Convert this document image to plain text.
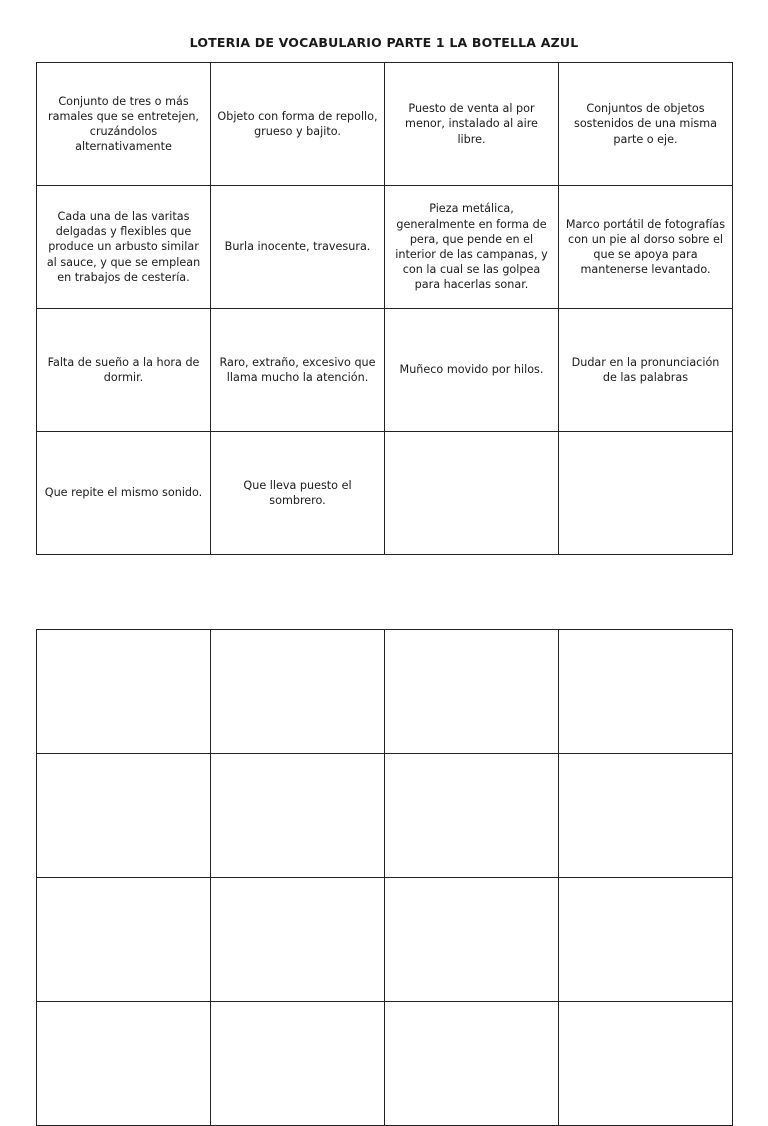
LOTERIA DE VOCABULARIO PARTE 1 LA BOTELLA AZUL
Conjunto de tres o más ramales que se entretejen, cruzándolos alternativamente	Objeto con forma de repollo, grueso y bajito.	Puesto de venta al por menor, instalado al aire libre.	Conjuntos de objetos sostenidos de una misma parte o eje.
Cada una de las varitas delgadas y flexibles que produce un arbusto similar al sauce, y que se emplean en trabajos de cestería.	Burla inocente, travesura.	Pieza metálica, generalmente en forma de pera, que pende en el interior de las campanas, y con la cual se las golpea para hacerlas sonar.	Marco portátil de fotografías con un pie al dorso sobre el que se apoya para mantenerse levantado.
Falta de sueño a la hora de dormir.	Raro, extraño, excesivo que llama mucho la atención.	Muñeco movido por hilos.	Dudar en la pronunciación de las palabras
Que repite el mismo sonido.	Que lleva puesto el sombrero.		
